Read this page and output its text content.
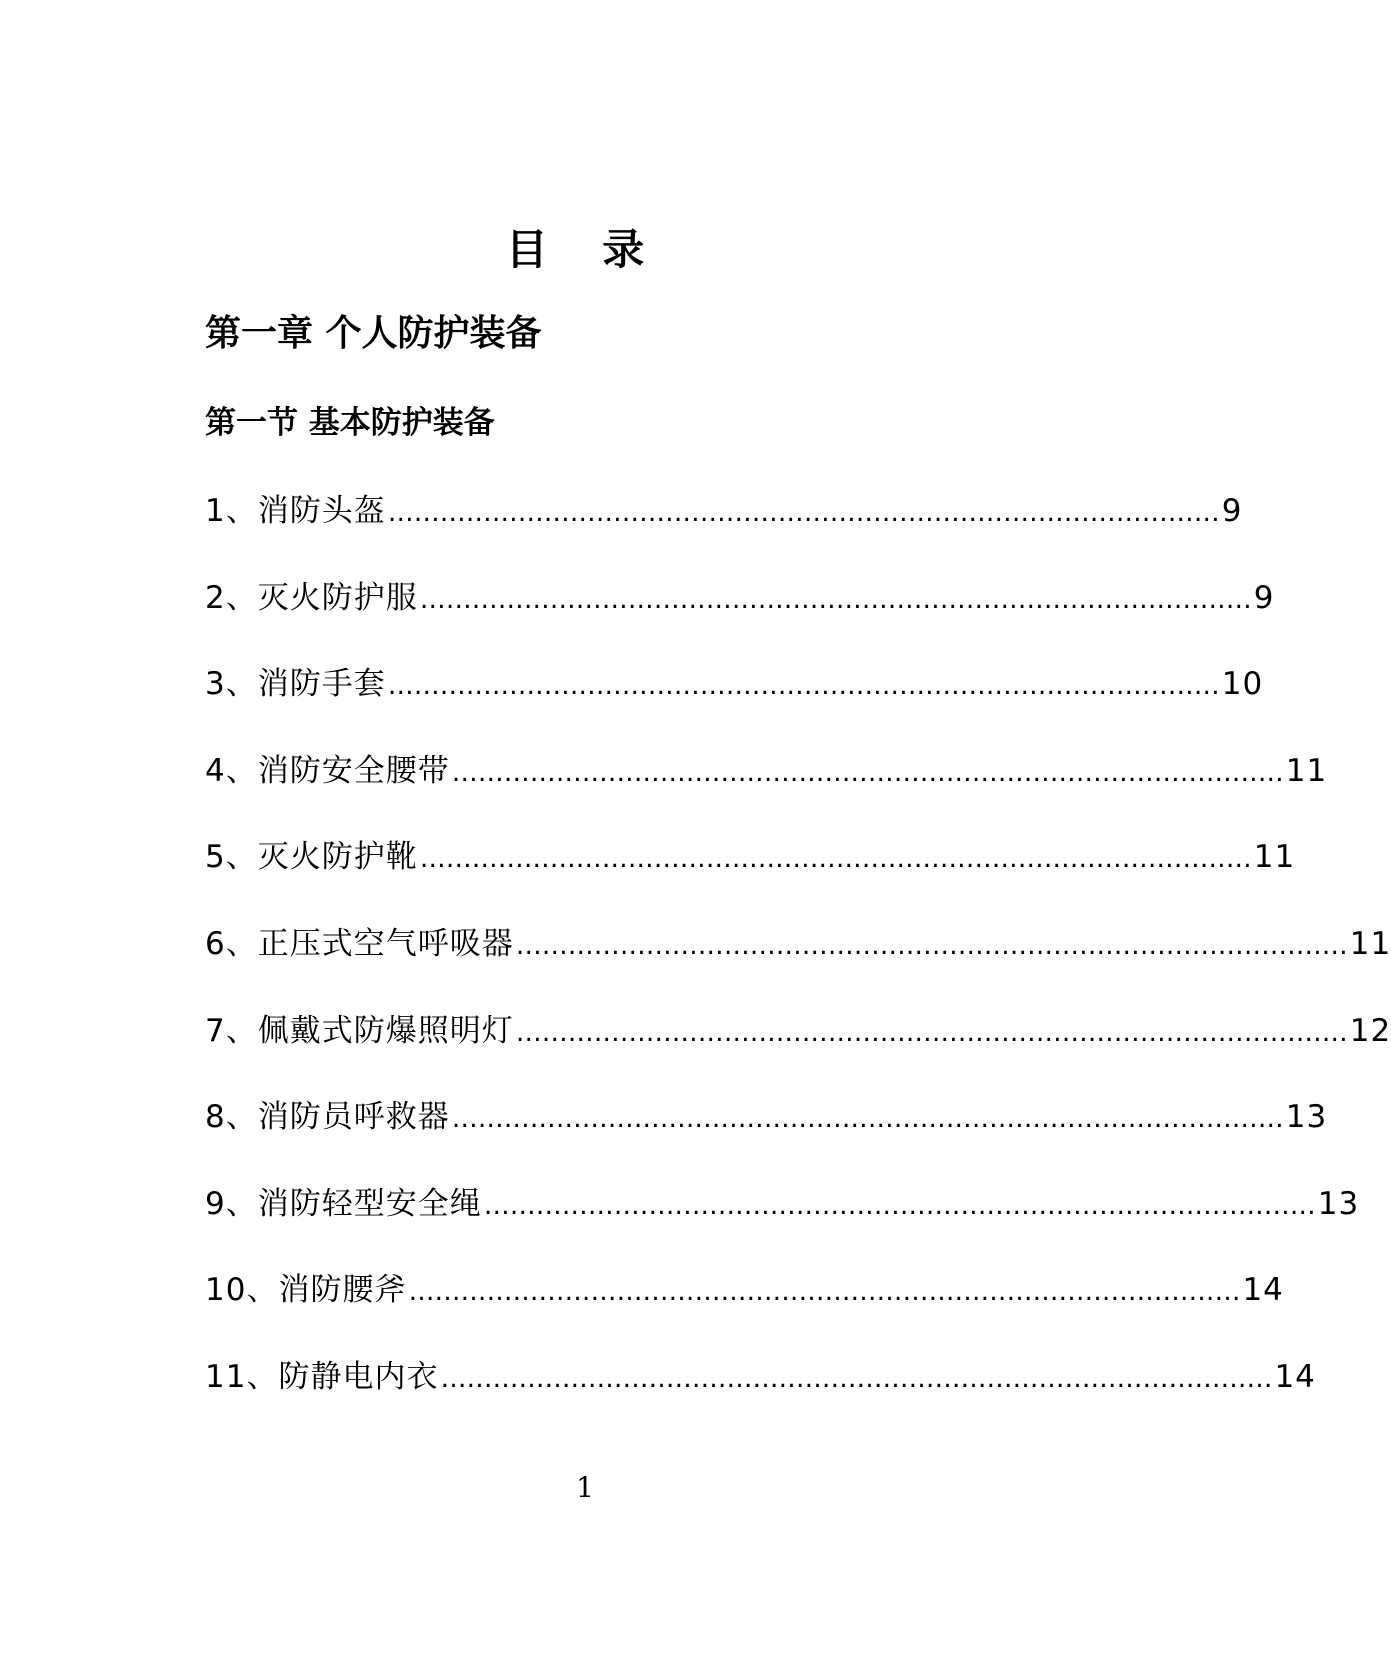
目 录
第一章 个人防护装备
第一节 基本防护装备
1、消防头盔 …………………………………………………………………………………… 9
2、灭火防护服 …………………………………………………………………………………… 9
3、消防手套 …………………………………………………………………………………… 10
4、消防安全腰带 …………………………………………………………………………………… 11
5、灭火防护靴 …………………………………………………………………………………… 11
6、正压式空气呼吸器 …………………………………………………………………………………… 11
7、佩戴式防爆照明灯 …………………………………………………………………………………… 12
8、消防员呼救器 …………………………………………………………………………………… 13
9、消防轻型安全绳 …………………………………………………………………………………… 13
10、消防腰斧 …………………………………………………………………………………… 14
11、防静电内衣 …………………………………………………………………………………… 14
1
